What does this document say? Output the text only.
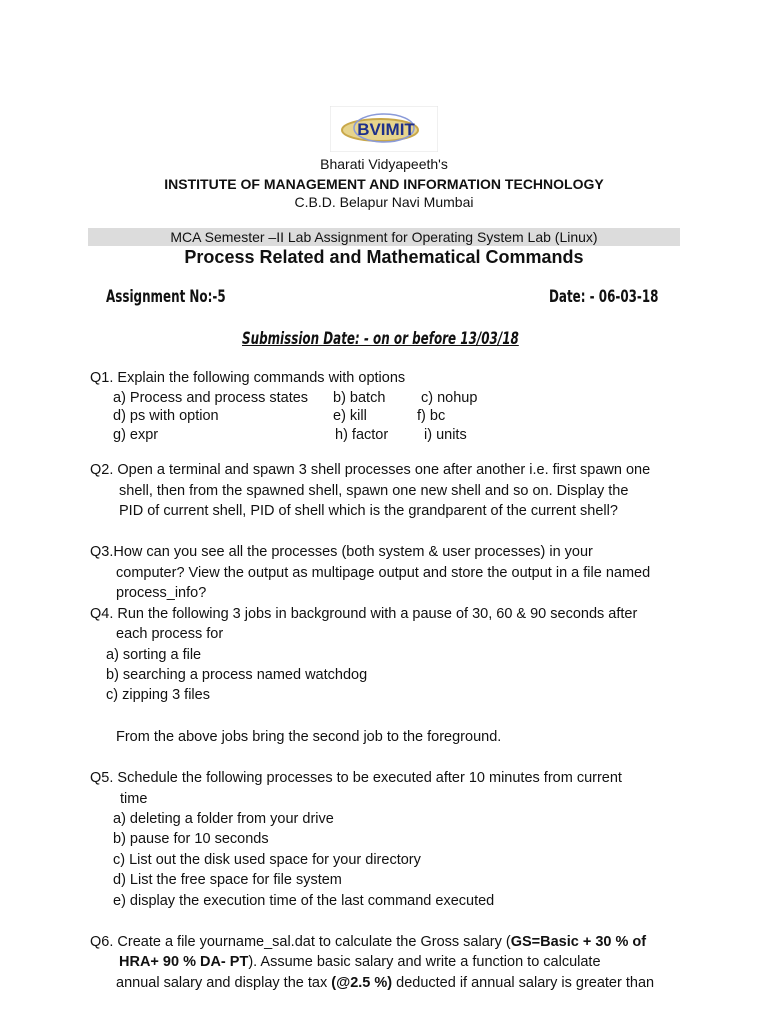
BVIMIT
Bharati Vidyapeeth's
INSTITUTE OF MANAGEMENT AND INFORMATION TECHNOLOGY
C.B.D. Belapur Navi Mumbai
MCA Semester –II Lab Assignment for Operating System Lab (Linux)
Process Related and Mathematical Commands
Assignment No:-5	Date: - 06-03-18
Submission Date: - on or before 13/03/18
Q1. Explain the following commands with options
a) Process and process states b) batch c) nohup
d) ps with option	e) kill	f) bc
g) expr	h) factor i) units
Q2. Open a terminal and spawn 3 shell processes one after another i.e. first spawn one
shell, then from the spawned shell, spawn one new shell and so on. Display the
PID of current shell, PID of shell which is the grandparent of the current shell?
Q3.How can you see all the processes (both system & user processes) in your
computer? View the output as multipage output and store the output in a file named
process_info?
Q4. Run the following 3 jobs in background with a pause of 30, 60 & 90 seconds after
each process for
a) sorting a file
b) searching a process named watchdog
c) zipping 3 files
From the above jobs bring the second job to the foreground.
Q5. Schedule the following processes to be executed after 10 minutes from current
time
a) deleting a folder from your drive
b) pause for 10 seconds
c) List out the disk used space for your directory
d) List the free space for file system
e) display the execution time of the last command executed
Q6. Create a file yourname_sal.dat to calculate the Gross salary (GS=Basic + 30 % of
HRA+ 90 % DA- PT). Assume basic salary and write a function to calculate
annual salary and display the tax (@2.5 %) deducted if annual salary is greater than
